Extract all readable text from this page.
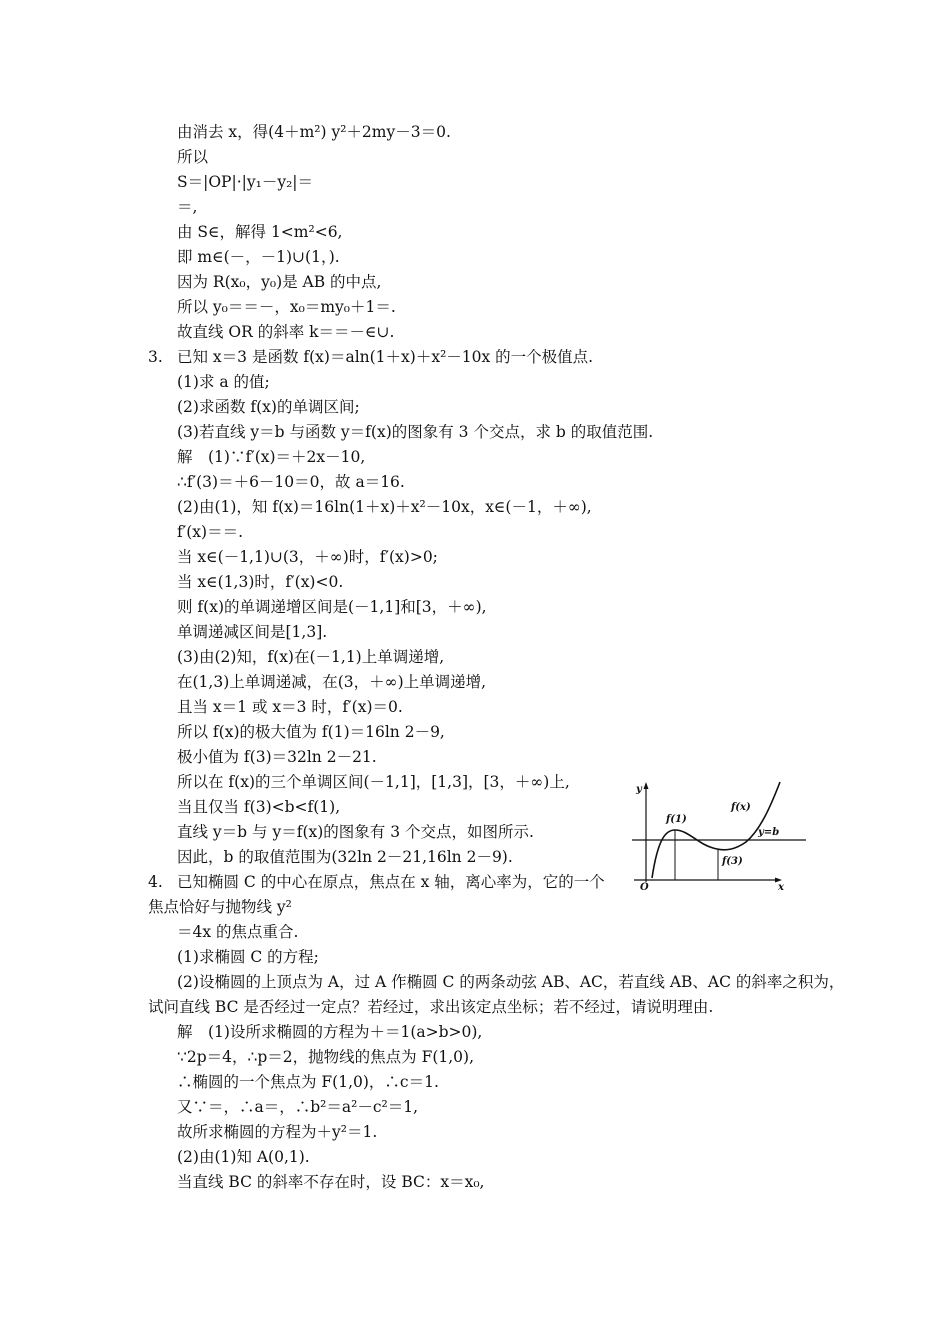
由消去 x，得(4＋m²) y²＋2my－3＝0.
所以
S＝|OP|·|y₁－y₂|＝
＝,
由 S∈，解得 1<m²<6,
即 m∈(－，－1)∪(1，).
因为 R(x₀，y₀)是 AB 的中点,
所以 y₀＝＝－，x₀＝my₀＋1＝.
故直线 OR 的斜率 k＝＝－∈∪.
3. 已知 x＝3 是函数 f(x)＝aln(1＋x)＋x²－10x 的一个极值点.
(1)求 a 的值;
(2)求函数 f(x)的单调区间;
(3)若直线 y＝b 与函数 y＝f(x)的图象有 3 个交点，求 b 的取值范围.
解　(1)∵f′(x)＝＋2x－10,
∴f′(3)＝＋6－10＝0，故 a＝16.
(2)由(1)，知 f(x)＝16ln(1＋x)＋x²－10x，x∈(－1，＋∞),
f′(x)＝＝.
当 x∈(－1,1)∪(3，＋∞)时，f′(x)>0;
当 x∈(1,3)时，f′(x)<0.
则 f(x)的单调递增区间是(－1,1]和[3，＋∞),
单调递减区间是[1,3].
(3)由(2)知，f(x)在(－1,1)上单调递增,
在(1,3)上单调递减，在(3，＋∞)上单调递增,
且当 x＝1 或 x＝3 时，f′(x)＝0.
所以 f(x)的极大值为 f(1)＝16ln 2－9,
极小值为 f(3)＝32ln 2－21.
所以在 f(x)的三个单调区间(－1,1]，[1,3]，[3，＋∞)上,
当且仅当 f(3)<b<f(1),
直线 y＝b 与 y＝f(x)的图象有 3 个交点，如图所示.
因此，b 的取值范围为(32ln 2－21,16ln 2－9).
y
x
O
f(x)
y=b
f(1)
f(3)
4. 已知椭圆 C 的中心在原点，焦点在 x 轴，离心率为，它的一个
焦点恰好与抛物线 y²
＝4x 的焦点重合.
(1)求椭圆 C 的方程;
(2)设椭圆的上顶点为 A，过 A 作椭圆 C 的两条动弦 AB、AC，若直线 AB、AC 的斜率之积为，
试问直线 BC 是否经过一定点？若经过，求出该定点坐标；若不经过，请说明理由.
解　(1)设所求椭圆的方程为＋＝1(a>b>0),
∵2p＝4，∴p＝2，抛物线的焦点为 F(1,0),
∴椭圆的一个焦点为 F(1,0)，∴c＝1.
又∵＝，∴a＝，∴b²＝a²－c²＝1,
故所求椭圆的方程为＋y²＝1.
(2)由(1)知 A(0,1).
当直线 BC 的斜率不存在时，设 BC：x＝x₀,
